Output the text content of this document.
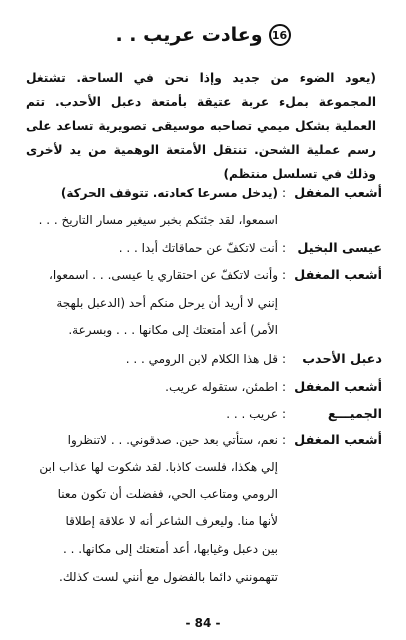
16
وعادت عريب . .
(يعود الضوء من جديد وإذا نحن في الساحة. تشتغل المجموعة بملء عربة عتيقة بأمتعة دعبل الأحدب. تتم العملية بشكل ميمي تصاحبه موسيقى تصويرية تساعد على رسم عملية الشحن. تنتقل الأمتعة الوهمية من يد لأخرى وذلك في تسلسل منتظم)
أشعب المغفل
:
(يدخل مسرعا كعادته. تتوقف الحركة)
اسمعوا، لقد جئتكم بخبر سيغير مسار التاريخ . . .
عيسى البخيل
:
أنت لاتكفّ عن حماقاتك أبدا . . .
أشعب المغفل
:
وأنت لاتكفّ عن احتقاري يا عيسى. . . اسمعوا،
إنني لا أريد أن يرحل منكم أحد (الدعبل بلهجة
الأمر) أعد أمتعتك إلى مكانها . . . وبسرعة.
دعبل الأحدب
:
قل هذا الكلام لابن الرومي . . .
أشعب المغفل
:
اطمئن، ستقوله عريب.
الجميـــع
:
عريب . . .
أشعب المغفل
:
نعم، ستأتي بعد حين. صدقوني. . . لاتنظروا
إلي هكذا، فلست كاذبا. لقد شكوت لها عذاب ابن
الرومي ومتاعب الحي، ففضلت أن تكون معنا
لأنها منا. وليعرف الشاعر أنه لا علاقة إطلاقا
بين دعبل وغيابها، أعد أمتعتك إلى مكانها. . .
تتهمونني دائما بالفضول مع أنني لست كذلك.
- 84 -
